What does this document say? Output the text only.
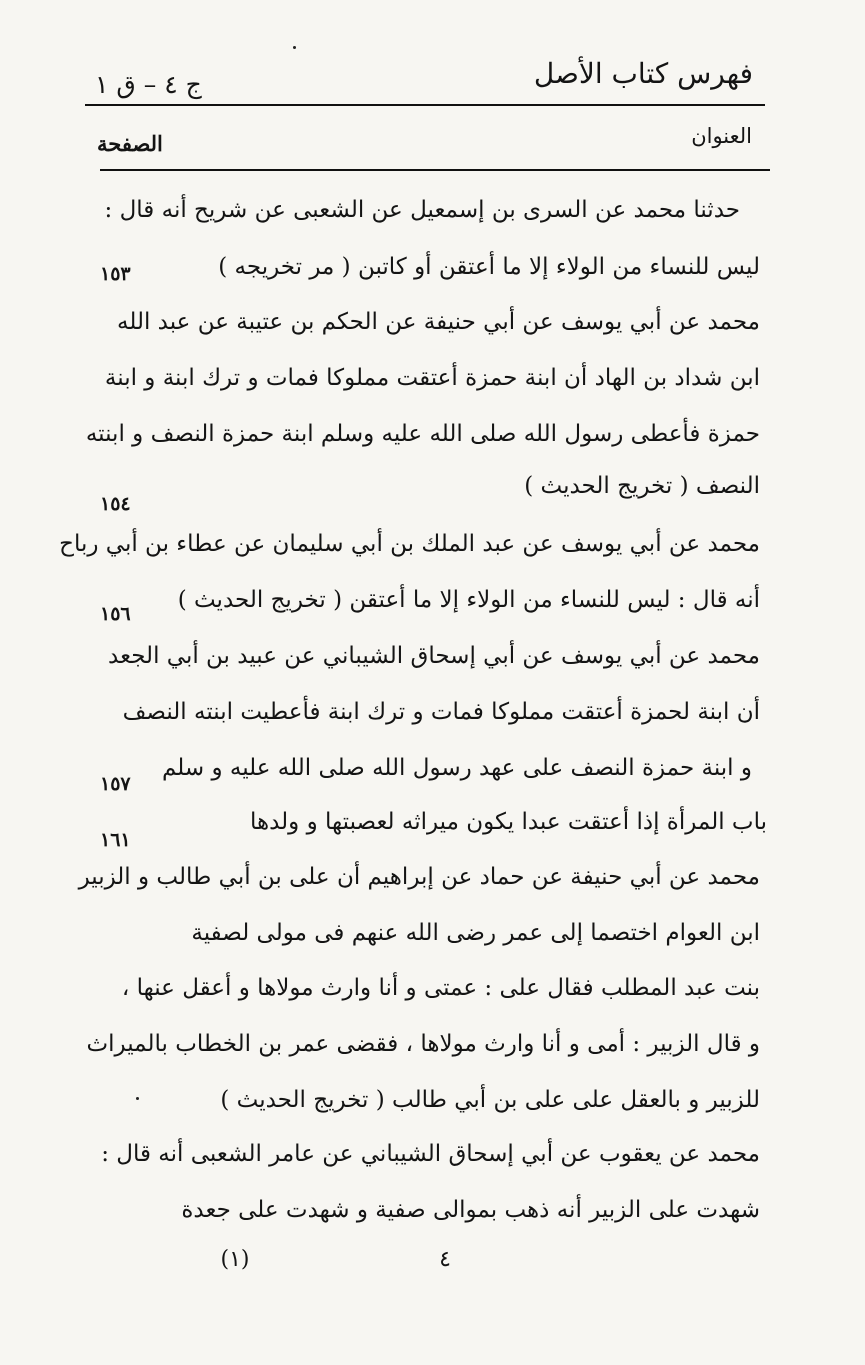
فهرس كتاب الأصل
ج ٤ – ق ١
العنوان
الصفحة
حدثنا محمد عن السرى بن إسمعيل عن الشعبى عن شريح أنه قال :
ليس للنساء من الولاء إلا ما أعتقن أو كاتبن ( مر تخريجه )
محمد عن أبي يوسف عن أبي حنيفة عن الحكم بن عتيبة عن عبد الله
ابن شداد بن الهاد أن ابنة حمزة أعتقت مملوكا فمات و ترك ابنة و ابنة
حمزة فأعطى رسول الله صلى الله عليه وسلم ابنة حمزة النصف و ابنته
النصف ( تخريج الحديث )
محمد عن أبي يوسف عن عبد الملك بن أبي سليمان عن عطاء بن أبي رباح
أنه قال : ليس للنساء من الولاء إلا ما أعتقن ( تخريج الحديث )
محمد عن أبي يوسف عن أبي إسحاق الشيباني عن عبيد بن أبي الجعد
أن ابنة لحمزة أعتقت مملوكا فمات و ترك ابنة فأعطيت ابنته النصف
و ابنة حمزة النصف على عهد رسول الله صلى الله عليه و سلم
باب المرأة إذا أعتقت عبدا يكون ميراثه لعصبتها و ولدها
محمد عن أبي حنيفة عن حماد عن إبراهيم أن على بن أبي طالب و الزبير
ابن العوام اختصما إلى عمر رضى الله عنهم فى مولى لصفية
بنت عبد المطلب فقال على : عمتى و أنا وارث مولاها و أعقل عنها ،
و قال الزبير : أمى و أنا وارث مولاها ، فقضى عمر بن الخطاب بالميراث
للزبير و بالعقل على على بن أبي طالب ( تخريج الحديث )
محمد عن يعقوب عن أبي إسحاق الشيباني عن عامر الشعبى أنه قال :
شهدت على الزبير أنه ذهب بموالى صفية و شهدت على جعدة
١٥٣
١٥٤
١٥٦
١٥٧
١٦١
٤
(١)
